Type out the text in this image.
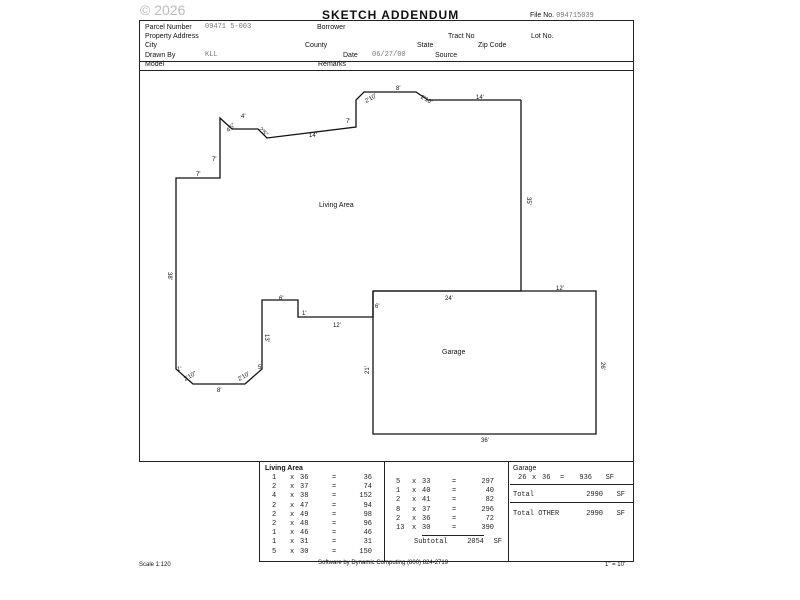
© 2026	SKETCH ADDENDUM	File No. 094715039
Parcel Number 09471 5-003	Borrower
Property Address	Tract No	Lot No.
City	County	State	Zip Code
Drawn By	KLL	Date 06/27/00	Source
Model	Remarks
Living Area
Garage
4'
4'5"	2'5"	14'
7'
2'10'
8'
2'10'	14'
35'
7'
7'
38'
24'
12'
6'
1'
12'
13'
6'
1'
2'10"	2'10'
5'
8'
21'
26'
36'
Living Area
1	x 36	=	36
2	x 37	=	74
4	x 38	=	152
2	x 47	=	94
2	x 49	=	98
2	x 48	=	96
1	x 46	=	46
1	x 31	=	31
5	x 30	=	150
5	x 33	=	297
1	x 40	=	40
2	x 41	=	82
8	x 37	=	296
2	x 36	=	72
13	x 30	=	390
Subtotal	2054	SF
Garage
26 x 36	=	936	SF
Total	2990	SF
Total OTHER	2990	SF
Scale 1:120	Software by Dynamic Computing (800) 824-2719	1" = 10'
